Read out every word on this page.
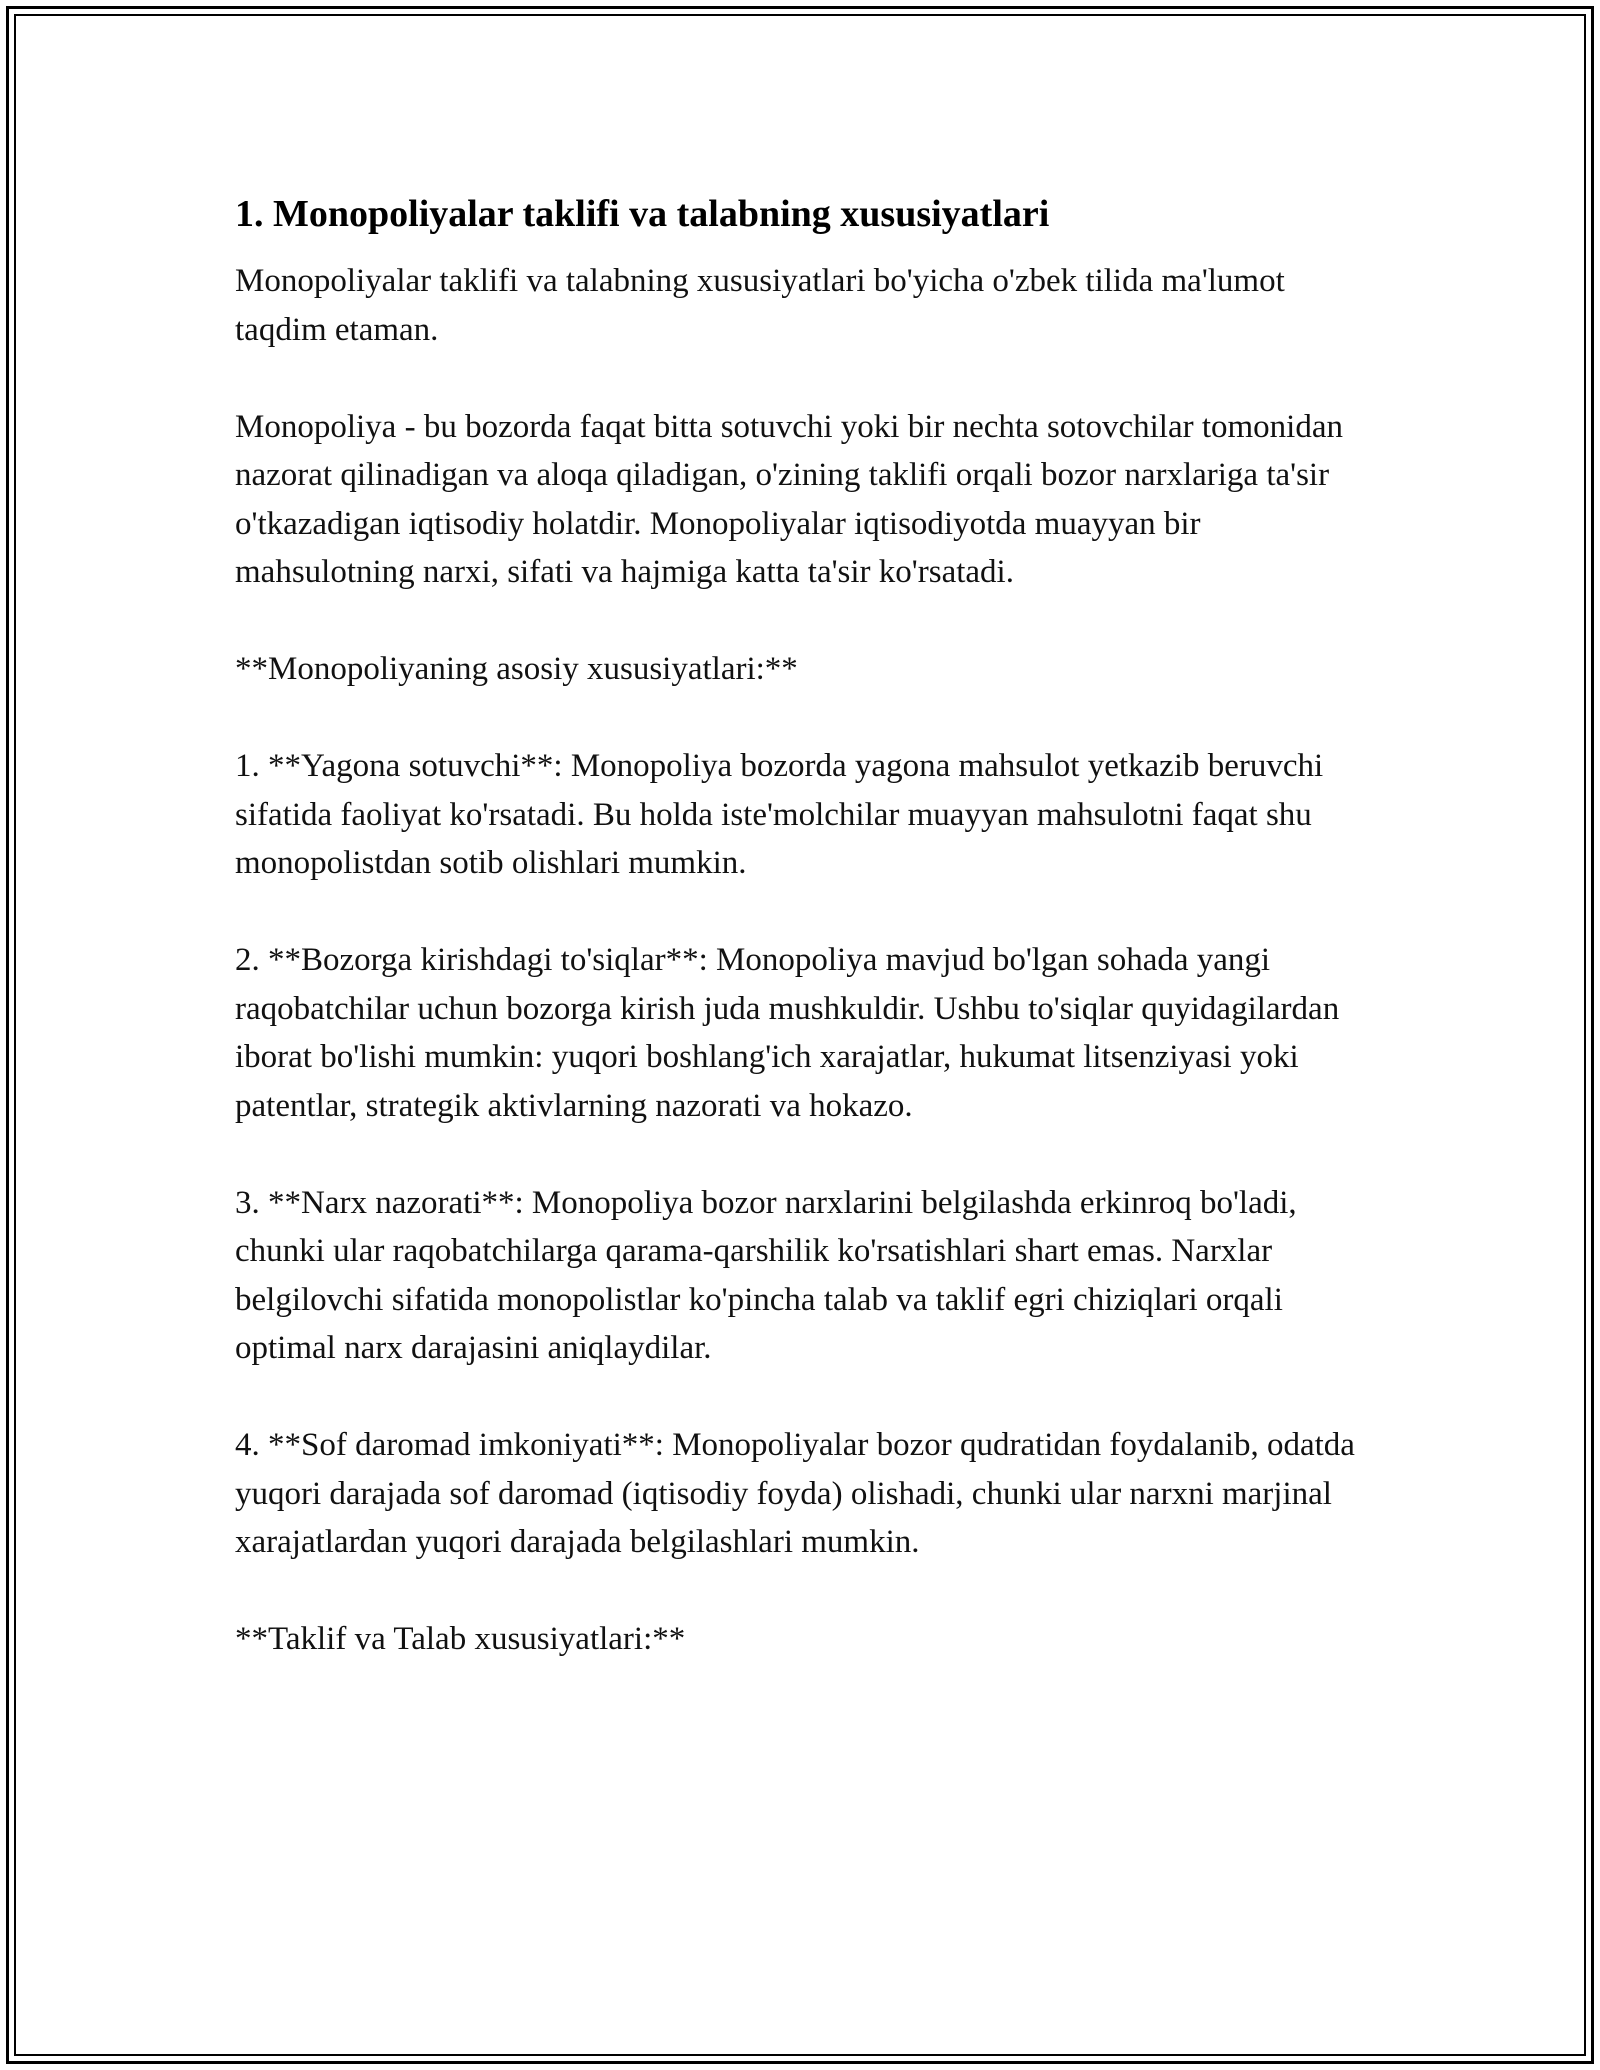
1. Monopoliyalar taklifi va talabning xususiyatlari

Monopoliyalar taklifi va talabning xususiyatlari bo'yicha o'zbek tilida ma'lumot taqdim etaman.

Monopoliya - bu bozorda faqat bitta sotuvchi yoki bir nechta sotovchilar tomonidan nazorat qilinadigan va aloqa qiladigan, o'zining taklifi orqali bozor narxlariga ta'sir o'tkazadigan iqtisodiy holatdir. Monopoliyalar iqtisodiyotda muayyan bir mahsulotning narxi, sifati va hajmiga katta ta'sir ko'rsatadi.

**Monopoliyaning asosiy xususiyatlari:**

1. **Yagona sotuvchi**: Monopoliya bozorda yagona mahsulot yetkazib beruvchi sifatida faoliyat ko'rsatadi. Bu holda iste'molchilar muayyan mahsulotni faqat shu monopolistdan sotib olishlari mumkin.

2. **Bozorga kirishdagi to'siqlar**: Monopoliya mavjud bo'lgan sohada yangi raqobatchilar uchun bozorga kirish juda mushkuldir. Ushbu to'siqlar quyidagilardan iborat bo'lishi mumkin: yuqori boshlang'ich xarajatlar, hukumat litsenziyasi yoki patentlar, strategik aktivlarning nazorati va hokazo.

3. **Narx nazorati**: Monopoliya bozor narxlarini belgilashda erkinroq bo'ladi, chunki ular raqobatchilarga qarama-qarshilik ko'rsatishlari shart emas. Narxlar belgilovchi sifatida monopolistlar ko'pincha talab va taklif egri chiziqlari orqali optimal narx darajasini aniqlaydilar.

4. **Sof daromad imkoniyati**: Monopoliyalar bozor qudratidan foydalanib, odatda yuqori darajada sof daromad (iqtisodiy foyda) olishadi, chunki ular narxni marjinal xarajatlardan yuqori darajada belgilashlari mumkin.

**Taklif va Talab xususiyatlari:**
